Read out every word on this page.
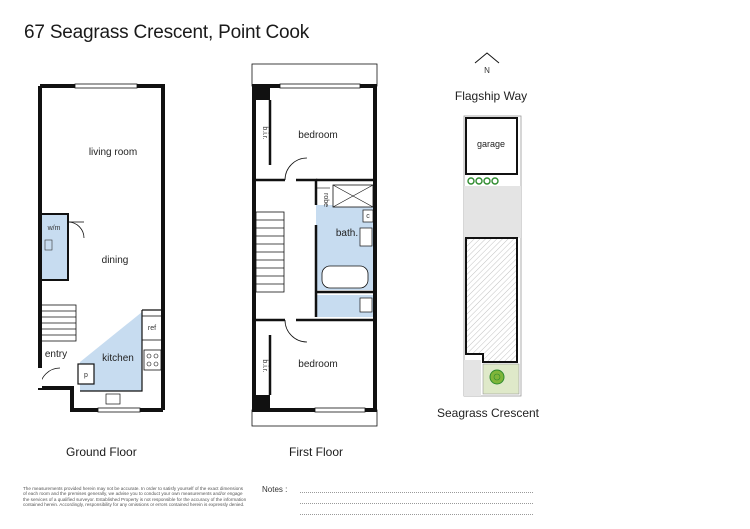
67 Seagrass Crescent, Point Cook
living room
dining
kitchen
entry
w/m
ref
p
bedroom
bedroom
bath.
b.i.r.
b.i.r.
robe
c
N
Flagship Way
garage
Seagrass Crescent
Ground Floor	First Floor
The measurements provided herein may not be accurate. In order to satisfy yourself of the exact dimensions of each room and the premises generally, we advise you to conduct your own measurements and/or engage the services of a qualified surveyor. Established Property is not responsible for the accuracy of the information contained herein. Accordingly, responsibility for any omissions or errors contained herein is expressly denied.
Notes :
